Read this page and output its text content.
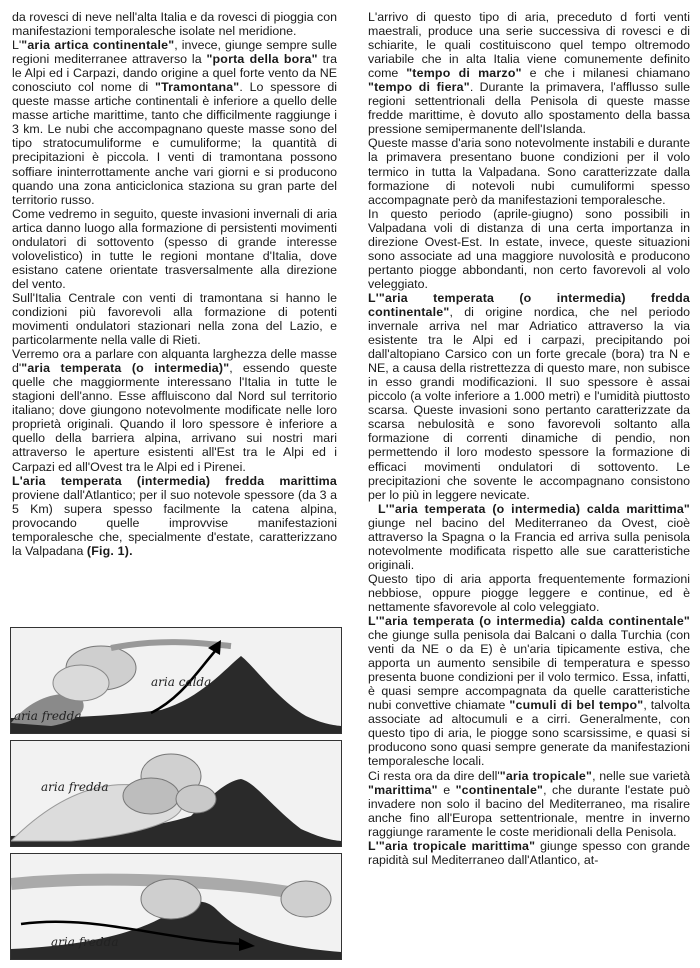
da rovesci di neve nell'alta Italia e da rovesci di pioggia con manifestazioni temporalesche isolate nel meridione.

L'"aria artica continentale", invece, giunge sempre sulle regioni mediterranee attraverso la "porta della bora" tra le Alpi ed i Carpazi, dando origine a quel forte vento da NE conosciuto col nome di "Tramontana". Lo spessore di queste masse artiche continentali è inferiore a quello delle masse artiche marittime, tanto che difficilmente raggiunge i 3 km. Le nubi che accompagnano queste masse sono del tipo stratocumuliforme e cumuliforme; la quantità di precipitazioni è piccola. I venti di tramontana possono soffiare ininterrottamente anche vari giorni e si producono quando una zona anticiclonica staziona su gran parte del territorio russo.

Come vedremo in seguito, queste invasioni invernali di aria artica danno luogo alla formazione di persistenti movimenti ondulatori di sottovento (spesso di grande interesse volovelistico) in tutte le regioni montane d'Italia, dove esistano catene orientate trasversalmente alla direzione del vento.

Sull'Italia Centrale con venti di tramontana si hanno le condizioni più favorevoli alla formazione di potenti movimenti ondulatori stazionari nella zona del Lazio, e particolarmente nella valle di Rieti.

Verremo ora a parlare con alquanta larghezza delle masse d'"aria temperata (o intermedia)", essendo queste quelle che maggiormente interessano l'Italia in tutte le stagioni dell'anno. Esse affluiscono dal Nord sul territorio italiano; dove giungono notevolmente modificate nelle loro proprietà originali. Quando il loro spessore è inferiore a quello della barriera alpina, arrivano sui nostri mari attraverso le aperture esistenti all'Est tra le Alpi ed i Carpazi ed all'Ovest tra le Alpi ed i Pirenei.

L'aria temperata (intermedia) fredda marittima proviene dall'Atlantico; per il suo notevole spessore (da 3 a 5 Km) supera spesso facilmente la catena alpina, provocando quelle improvvise manifestazioni temporalesche che, specialmente d'estate, caratterizzano la Valpadana (Fig. 1).

L'arrivo di questo tipo di aria, preceduto d forti venti maestrali, produce una serie successiva di rovesci e di schiarite, le quali costituiscono quel tempo oltremodo variabile che in alta Italia viene comunemente definito come "tempo di marzo" e che i milanesi chiamano "tempo di fiera". Durante la primavera, l'afflusso sulle regioni settentrionali della Penisola di queste masse fredde marittime, è dovuto allo spostamento della bassa pressione semipermanente dell'Islanda.

Queste masse d'aria sono notevolmente instabili e durante la primavera presentano buone condizioni per il volo termico in tutta la Valpadana. Sono caratterizzate dalla formazione di notevoli nubi cumuliformi spesso accompagnate però da manifestazioni temporalesche.

In questo periodo (aprile-giugno) sono possibili in Valpadana voli di distanza di una certa importanza in direzione Ovest-Est. In estate, invece, queste situazioni sono associate ad una maggiore nuvolosità e producono pertanto piogge abbondanti, non certo favorevoli al volo veleggiato.

L'"aria temperata (o intermedia) fredda continentale", di origine nordica, che nel periodo invernale arriva nel mar Adriatico attraverso la via esistente tra le Alpi ed i carpazi, precipitando poi dall'altopiano Carsico con un forte grecale (bora) tra N e NE, a causa della ristrettezza di questo mare, non subisce in esso grandi modificazioni. Il suo spessore è assai piccolo (a volte inferiore a 1.000 metri) e l'umidità piuttosto scarsa. Queste invasioni sono pertanto caratterizzate da scarsa nebulosità e sono favorevoli soltanto alla formazione di correnti dinamiche di pendio, non permettendo il loro modesto spessore la formazione di efficaci movimenti ondulatori di sottovento. Le precipitazioni che sovente le accompagnano consistono per lo più in leggere nevicate.

L'"aria temperata (o intermedia) calda marittima" giunge nel bacino del Mediterraneo da Ovest, cioè attraverso la Spagna o la Francia ed arriva sulla penisola notevolmente modificata rispetto alle sue caratteristiche originali.

Questo tipo di aria apporta frequentemente formazioni nebbiose, oppure piogge leggere e continue, ed è nettamente sfavorevole al colo veleggiato.

L'"aria temperata (o intermedia) calda continentale" che giunge sulla penisola dai Balcani o dalla Turchia (con venti da NE o da E) è un'aria tipicamente estiva, che apporta un aumento sensibile di temperatura e spesso presenta buone condizioni per il volo termico. Essa, infatti, è quasi sempre accompagnata da quelle caratteristiche nubi convettive chiamate "cumuli di bel tempo", talvolta associate ad altocumuli e a cirri. Generalmente, con questo tipo di aria, le piogge sono scarsissime, e quasi si producono sono quasi sempre generate da manifestazioni temporalesche locali.

Ci resta ora da dire dell'"aria tropicale", nelle sue varietà "marittima" e "continentale", che durante l'estate può invadere non solo il bacino del Mediterraneo, ma risalire anche fino all'Europa settentrionale, mentre in inverno raggiunge raramente le coste meridionali della Penisola.

L'"aria tropicale marittima" giunge spesso con grande rapidità sul Mediterraneo dall'Atlantico, at-

aria calda
aria fredda
aria fredda
aria fredda
